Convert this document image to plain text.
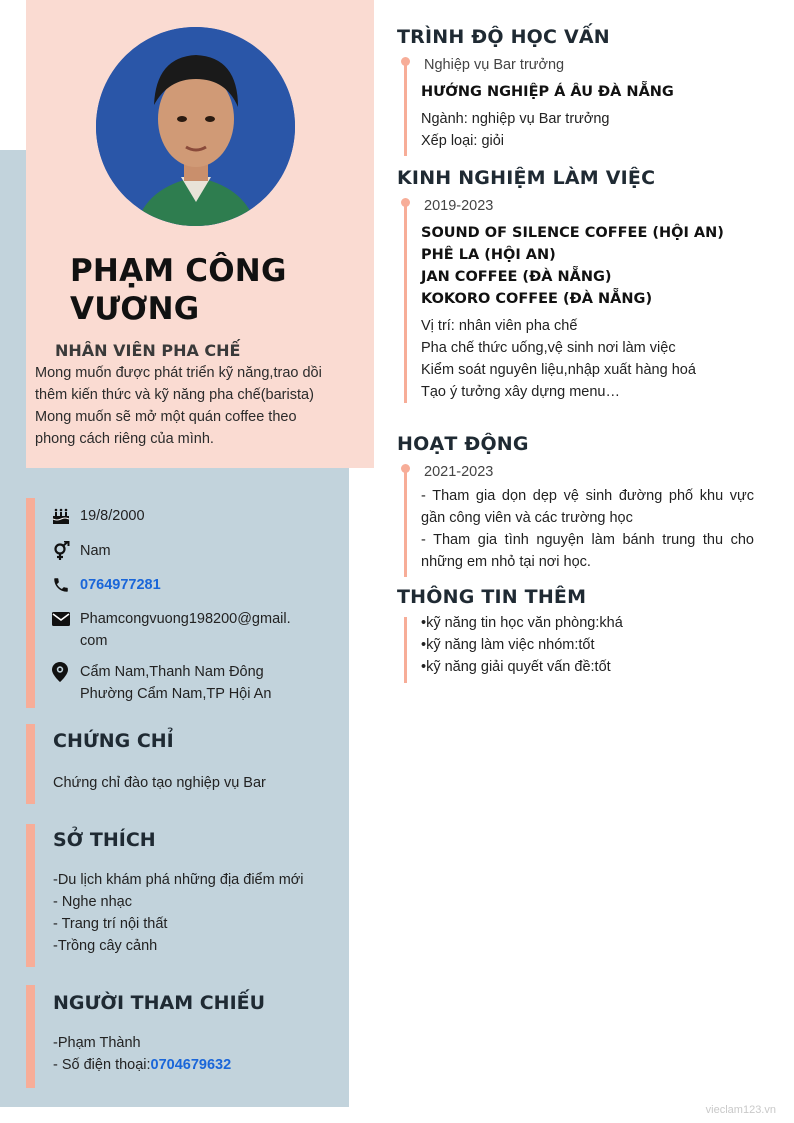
PHẠM CÔNG
VƯƠNG
NHÂN VIÊN PHA CHẾ
Mong muốn được phát triển kỹ năng,trao dồi
thêm kiến thức và kỹ năng pha chế(barista)
Mong muốn sẽ mở một quán coffee theo
phong cách riêng của mình.
19/8/2000
Nam
0764977281
Phamcongvuong198200@gmail.com
Cẩm Nam,Thanh Nam Đông
Phường Cẩm Nam,TP Hội An
CHỨNG CHỈ
Chứng chỉ đào tạo nghiệp vụ Bar
SỞ THÍCH
-Du lịch khám phá những địa điểm mới
- Nghe nhạc
- Trang trí nội thất
-Trồng cây cảnh
NGƯỜI THAM CHIẾU
-Phạm Thành
- Số điện thoại:0704679632
TRÌNH ĐỘ HỌC VẤN
Nghiệp vụ Bar trưởng
HƯỚNG NGHIỆP Á ÂU ĐÀ NẴNG
Ngành: nghiệp vụ Bar trưởng
Xếp loại: giỏi
KINH NGHIỆM LÀM VIỆC
2019-2023
SOUND OF SILENCE COFFEE (HỘI AN)
PHÊ LA (HỘI AN)
JAN COFFEE (ĐÀ NẴNG)
KOKORO COFFEE (ĐÀ NẴNG)
Vị trí: nhân viên pha chế
Pha chế thức uống,vệ sinh nơi làm việc
Kiểm soát nguyên liệu,nhập xuất hàng hoá
Tạo ý tưởng xây dựng menu…
HOẠT ĐỘNG
2021-2023
- Tham gia dọn dẹp vệ sinh đường phố khu vực
gần công viên và các trường học
- Tham gia tình nguyện làm bánh trung thu cho
những em nhỏ tại nơi học.
THÔNG TIN THÊM
•kỹ năng tin học văn phòng:khá
•kỹ năng làm việc nhóm:tốt
•kỹ năng giải quyết vấn đề:tốt
vieclam123.vn
